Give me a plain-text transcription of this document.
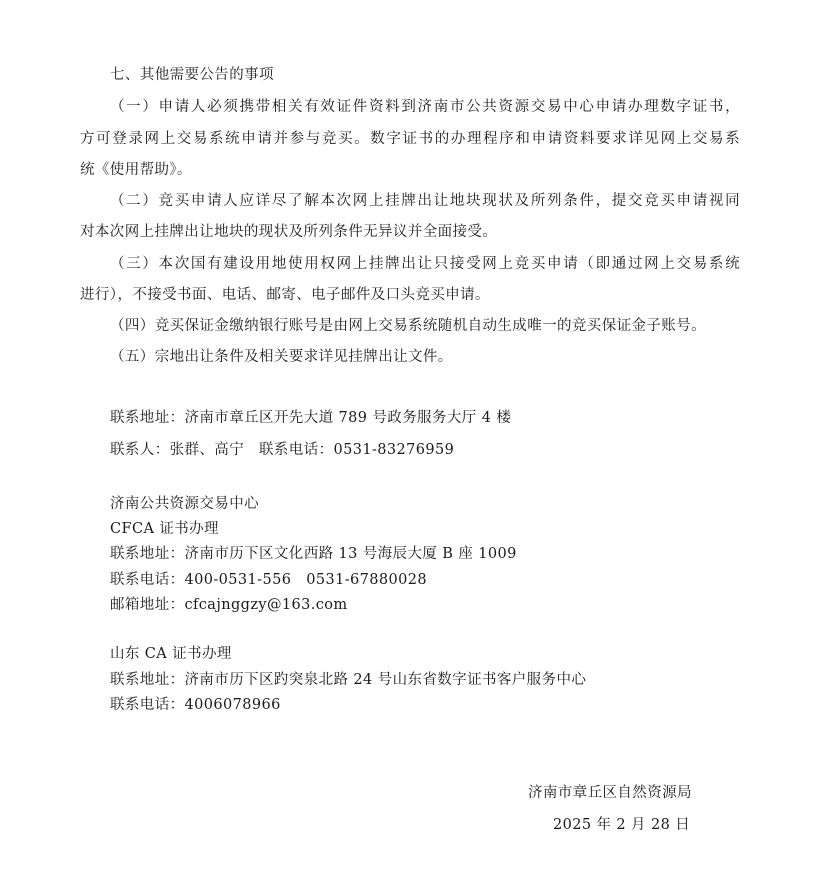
七、其他需要公告的事项
（一）申请人必须携带相关有效证件资料到济南市公共资源交易中心申请办理数字证书，
方可登录网上交易系统申请并参与竞买。数字证书的办理程序和申请资料要求详见网上交易系
统《使用帮助》。
（二）竞买申请人应详尽了解本次网上挂牌出让地块现状及所列条件，提交竞买申请视同
对本次网上挂牌出让地块的现状及所列条件无异议并全面接受。
（三）本次国有建设用地使用权网上挂牌出让只接受网上竞买申请（即通过网上交易系统
进行），不接受书面、电话、邮寄、电子邮件及口头竞买申请。
（四）竞买保证金缴纳银行账号是由网上交易系统随机自动生成唯一的竞买保证金子账号。
（五）宗地出让条件及相关要求详见挂牌出让文件。
联系地址：济南市章丘区开先大道 789 号政务服务大厅 4 楼
联系人：张群、高宁　联系电话：0531-83276959
济南公共资源交易中心
CFCA 证书办理
联系地址：济南市历下区文化西路 13 号海辰大厦 B 座 1009
联系电话：400-0531-556　0531-67880028
邮箱地址：cfcajnggzy@163.com
山东 CA 证书办理
联系地址：济南市历下区趵突泉北路 24 号山东省数字证书客户服务中心
联系电话：4006078966
济南市章丘区自然资源局
2025 年 2 月 28 日
